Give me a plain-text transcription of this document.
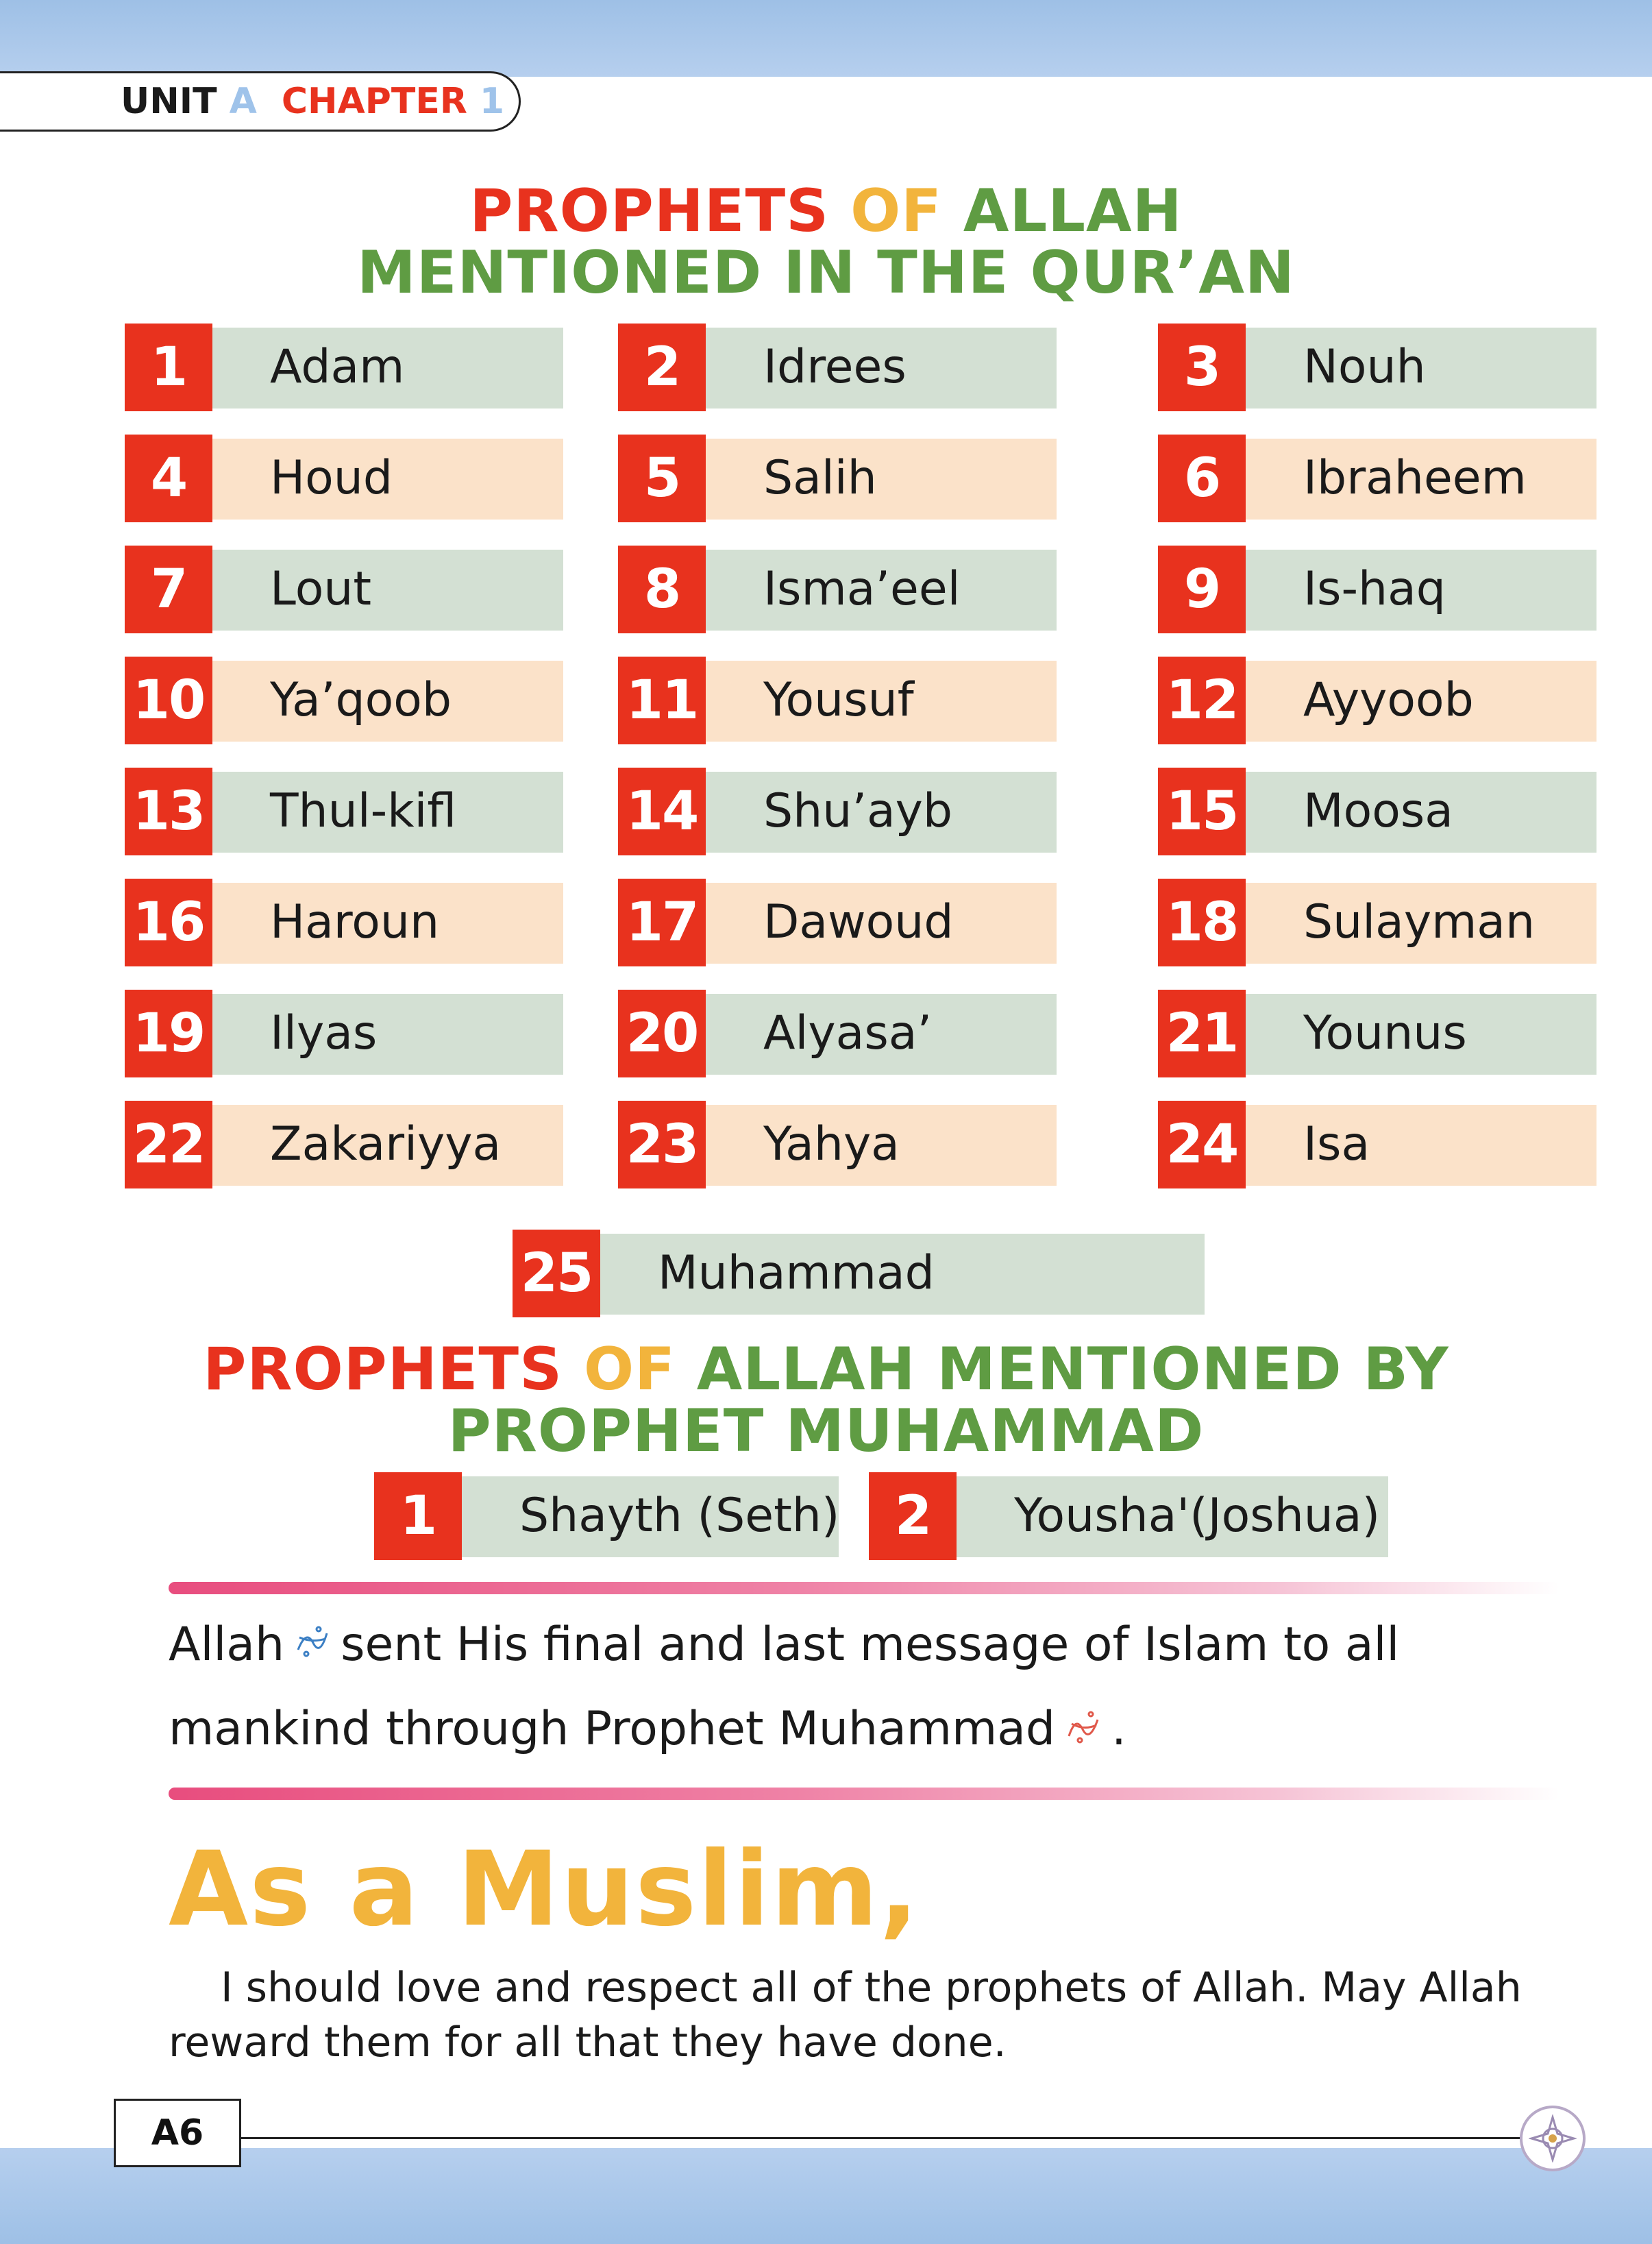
UNIT A CHAPTER 1
PROPHETS OF ALLAH
MENTIONED IN THE QUR’AN
1	Adam	2	Idrees	3	Nouh
4	Houd	5	Salih	6	Ibraheem
7	Lout	8	Isma’eel	9	Is-haq
10 Ya’qoob	11 Yousuf	12 Ayyoob
13 Thul-kifl	14 Shu’ayb	15 Moosa
16 Haroun	17 Dawoud	18 Sulayman
19 Ilyas	20 Alyasa’	21 Younus
22 Zakariyya 23 Yahya	24 Isa
25 Muhammad
PROPHETS OF ALLAH MENTIONED BY
PROPHET MUHAMMAD
1	Shayth (Seth)	2	Yousha'(Joshua)
Allah sent His final and last message of Islam to all
mankind through Prophet Muhammad .
As a Muslim,
I should love and respect all of the prophets of Allah. May Allah reward them for all that they have done.
A6
